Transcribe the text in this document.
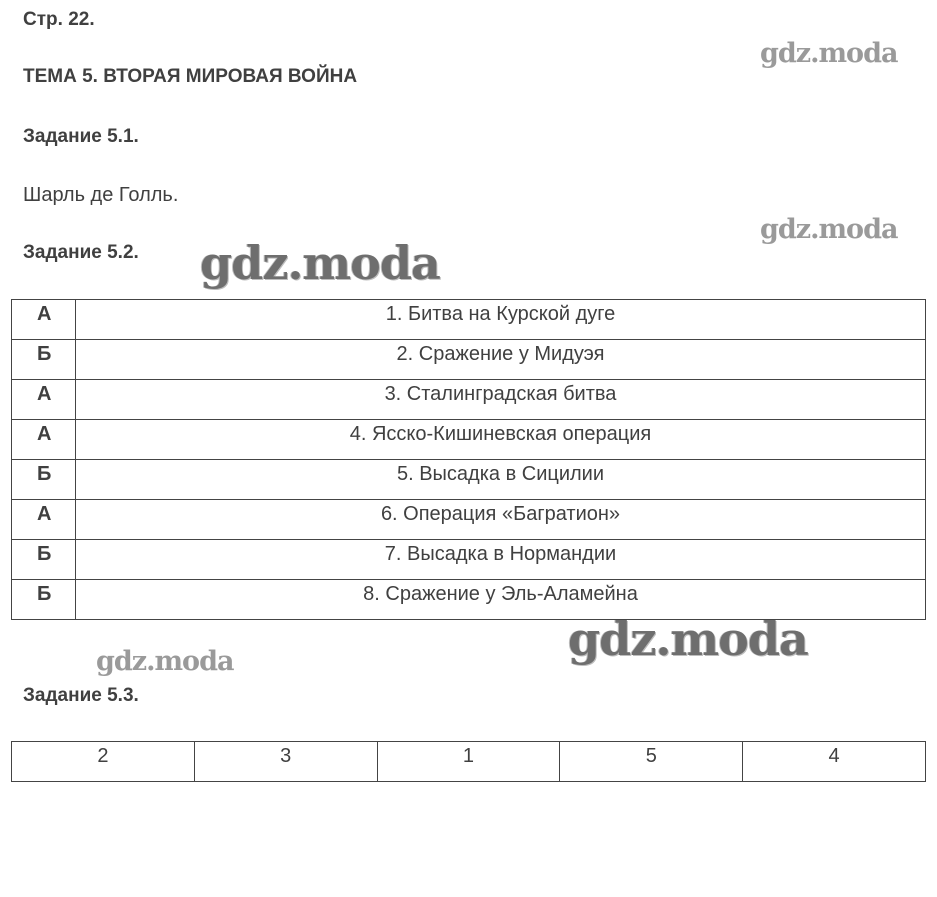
Стр. 22.
ТЕМА 5. ВТОРАЯ МИРОВАЯ ВОЙНА
Задание 5.1.
Шарль де Голль.
Задание 5.2.
А	1. Битва на Курской дуге
Б	2. Сражение у Мидуэя
А	3. Сталинградская битва
А	4. Ясско-Кишиневская операция
Б	5. Высадка в Сицилии
А	6. Операция «Багратион»
Б	7. Высадка в Нормандии
Б	8. Сражение у Эль-Аламейна
Задание 5.3.
2	3	1	5	4
gdz.moda
gdz.moda
gdz.moda
gdz.moda
gdz.moda
